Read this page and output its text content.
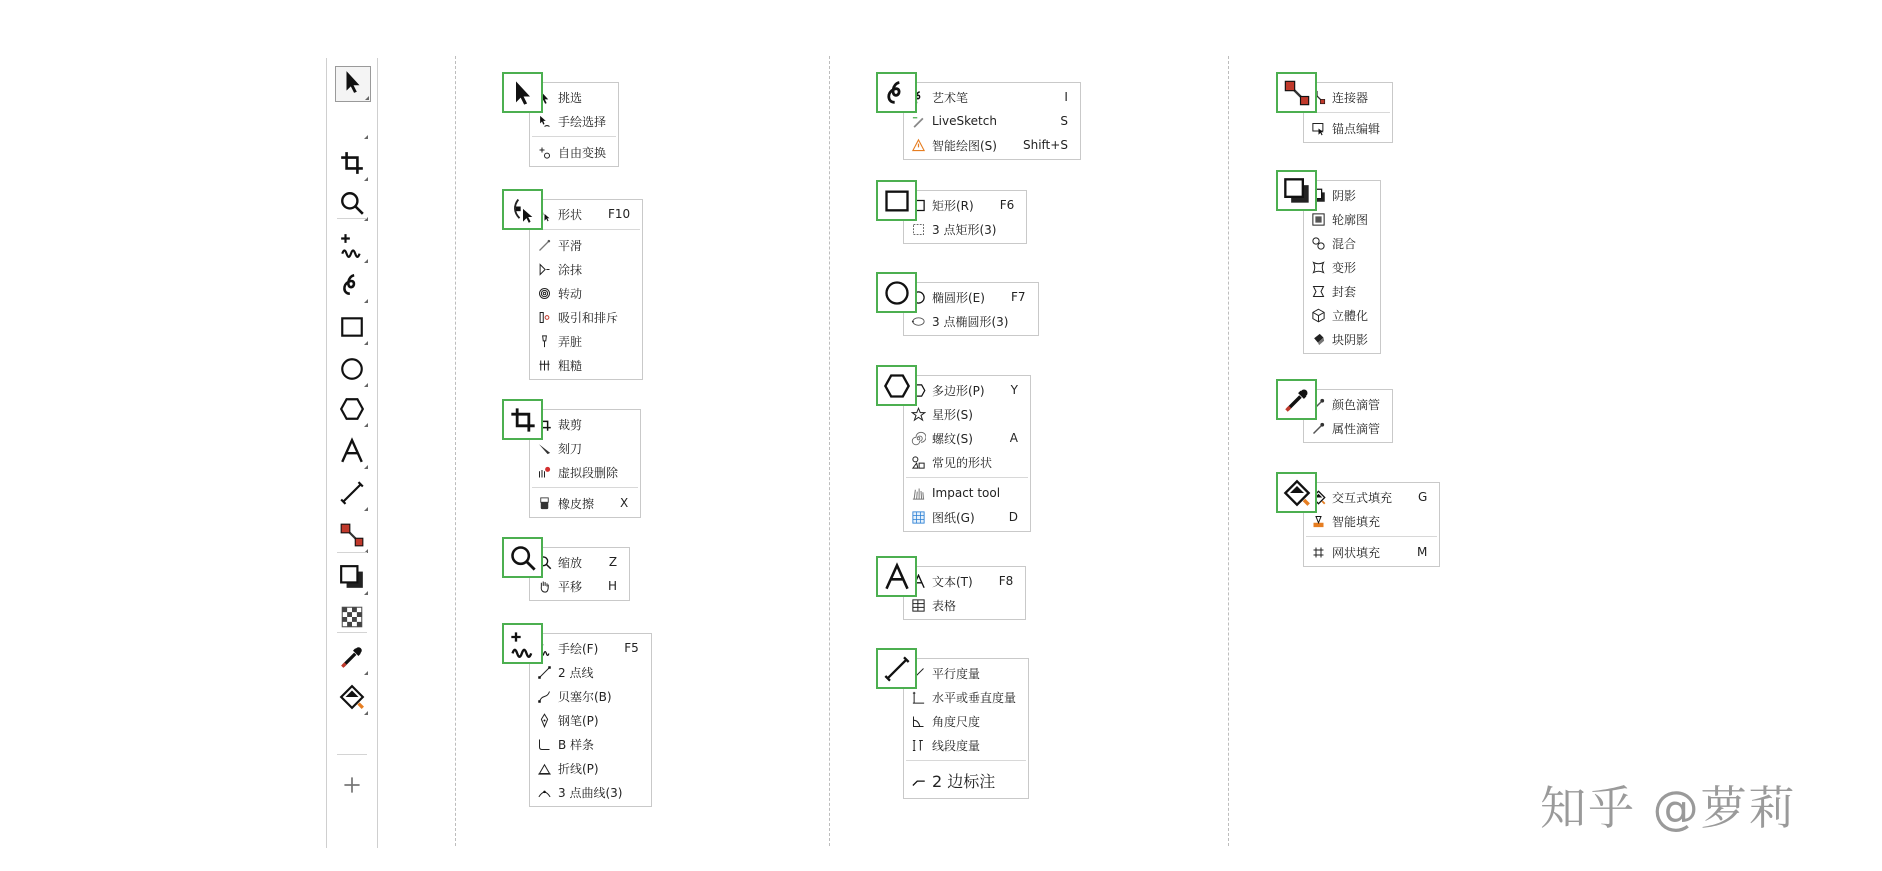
挑选
手绘选择
自由变换
形状	F10
平滑
涂抹
转动
吸引和排斥
弄脏
粗糙
裁剪
刻刀
虚拟段删除
橡皮擦	X
缩放	Z
平移	H
手绘(F)	F5
2 点线
贝塞尔(B)
钢笔(P)
B 样条
折线(P)
3 点曲线(3)
艺术笔	I
LiveSketch	S
智能绘图(S)	Shift+S
矩形(R)	F6
3 点矩形(3)
椭圆形(E)	F7
3 点椭圆形(3)
多边形(P)	Y
星形(S)
螺纹(S)	A
常见的形状
Impact tool
图纸(G)	D
文本(T)	F8
表格
平行度量
水平或垂直度量
角度尺度
线段度量
2 边标注
连接器
锚点编辑
阴影
轮廓图
混合
变形
封套
立體化
块阴影
颜色滴管
属性滴管
交互式填充	G
智能填充
网状填充	M
知乎 @萝莉
